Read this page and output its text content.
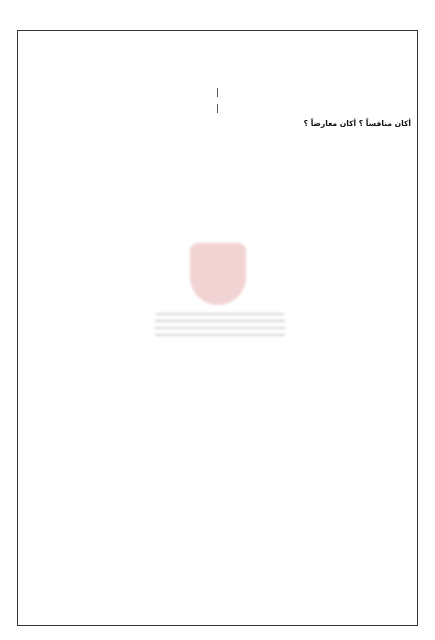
|

|

أكان منافساً ؟ أكان معارضاً ؟
